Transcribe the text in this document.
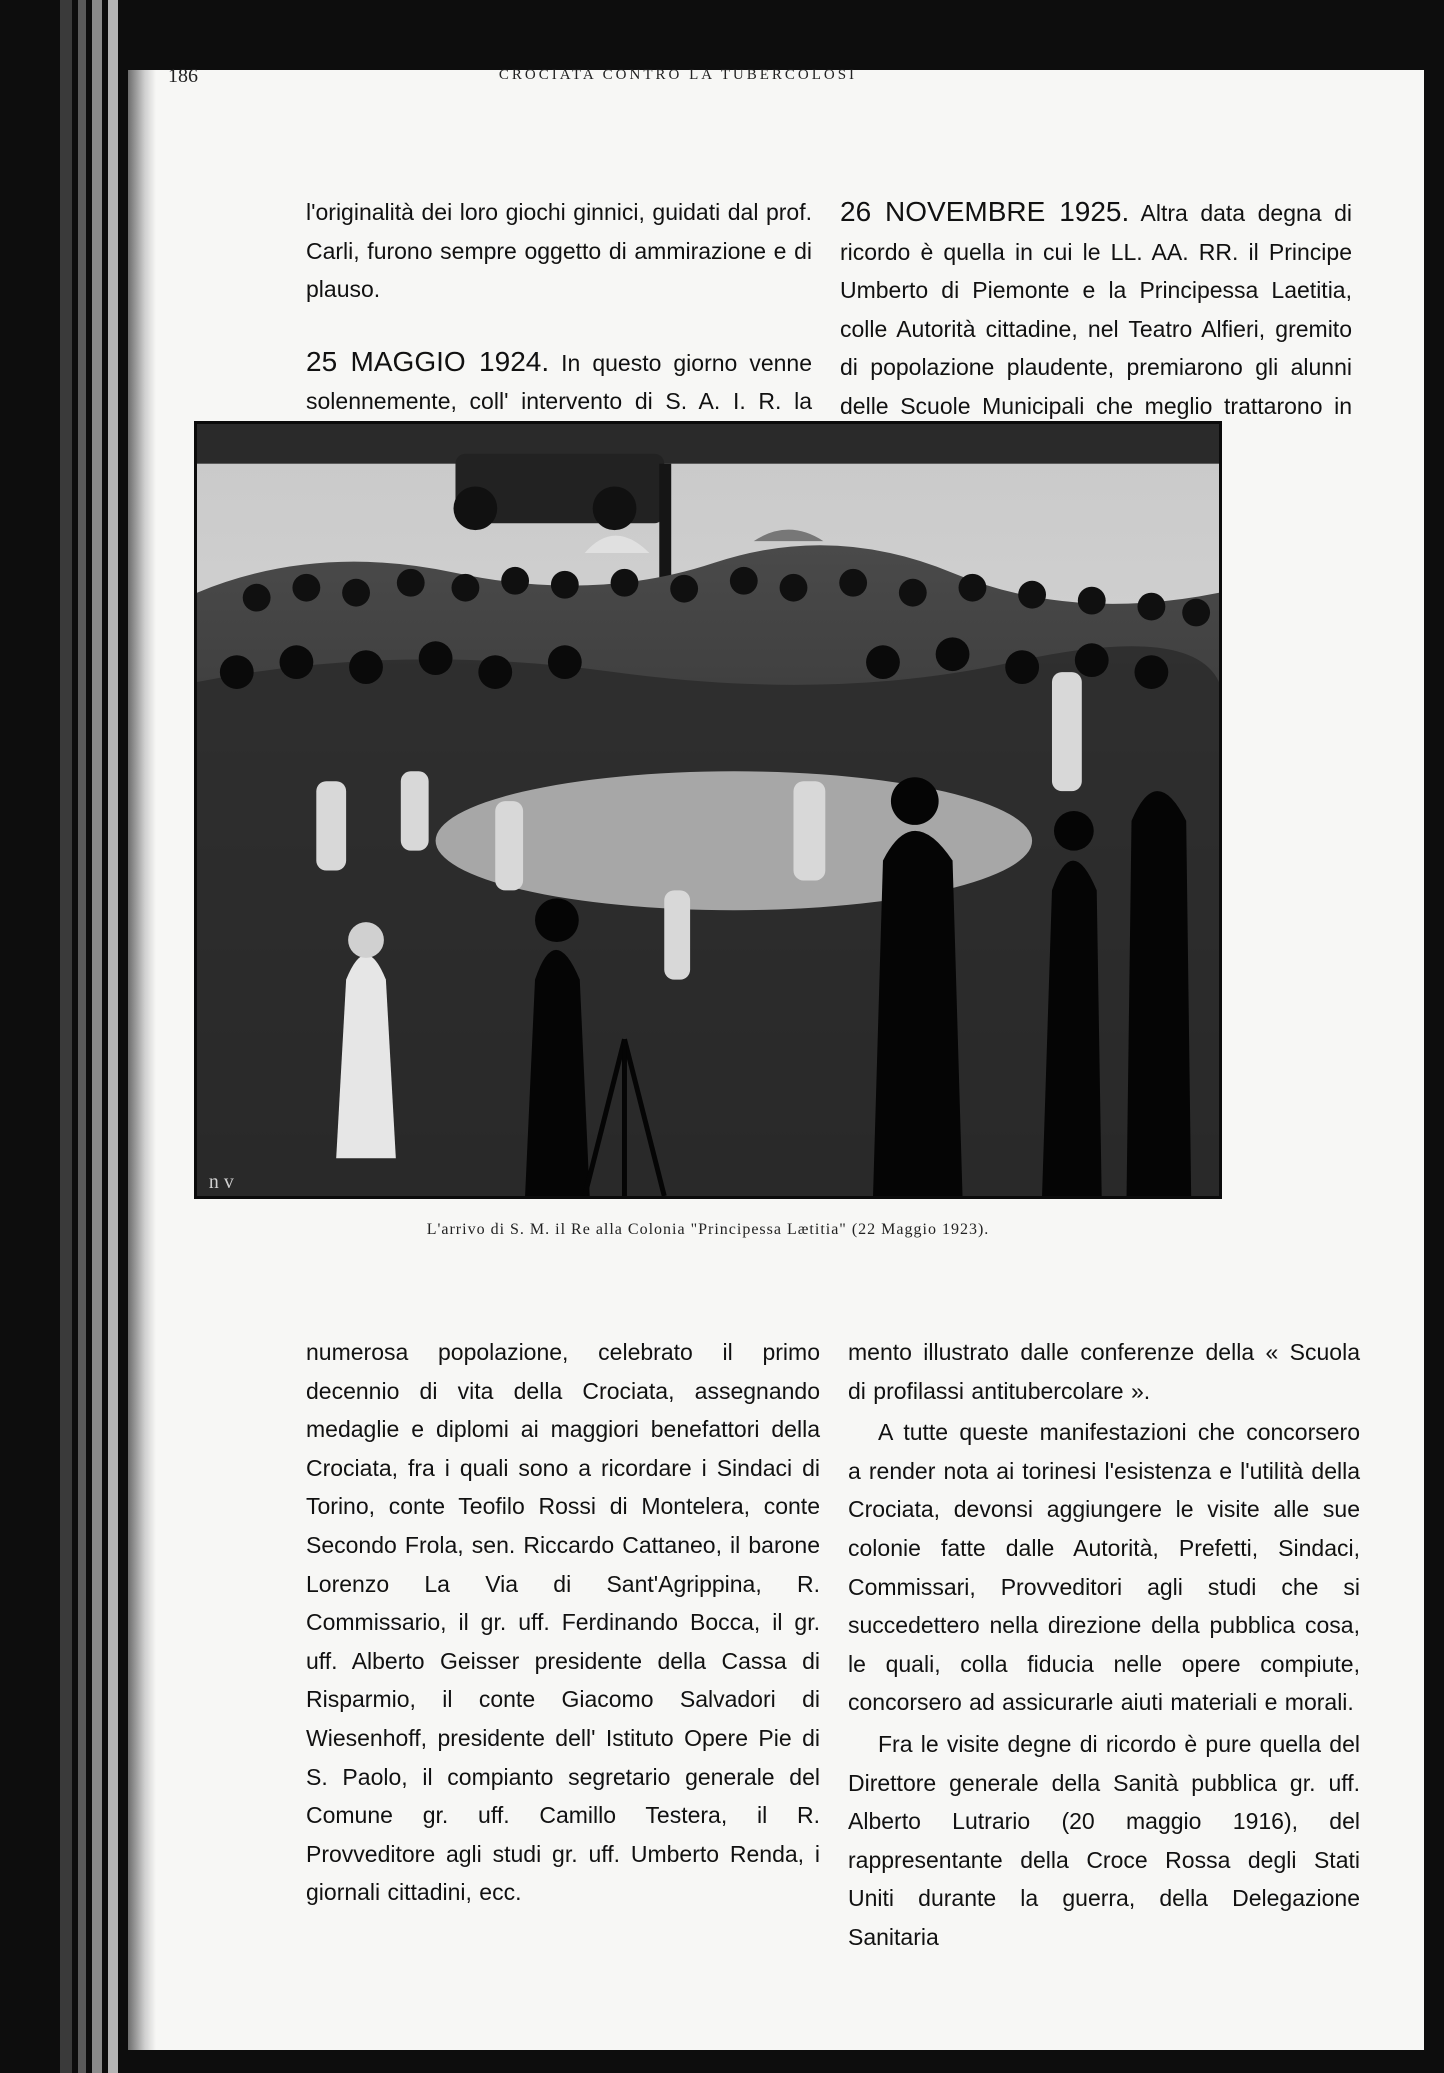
186	CROCIATA CONTRO LA TUBERCOLOSI

l'originalità dei loro giochi ginnici, guidati dal prof. Carli, furono sempre oggetto di ammirazione e di plauso.

25 MAGGIO 1924. In questo giorno venne solennemente, coll' intervento di S. A. I. R. la

26 NOVEMBRE 1925. Altra data degna di ricordo è quella in cui le LL. AA. RR. il Principe Umberto di Piemonte e la Principessa Laetitia, colle Autorità cittadine, nel Teatro Alfieri, gremito di popolazione plaudente, premiarono gli alunni delle Scuole Municipali che meglio trattarono in

n v
L'arrivo di S. M. il Re alla Colonia "Principessa Lætitia" (22 Maggio 1923).

numerosa popolazione, celebrato il primo decennio di vita della Crociata, assegnando medaglie e diplomi ai maggiori benefattori della Crociata, fra i quali sono a ricordare i Sindaci di Torino, conte Teofilo Rossi di Montelera, conte Secondo Frola, sen. Riccardo Cattaneo, il barone Lorenzo La Via di Sant'Agrippina, R. Commissario, il gr. uff. Ferdinando Bocca, il gr. uff. Alberto Geisser presidente della Cassa di Risparmio, il conte Giacomo Salvadori di Wiesenhoff, presidente dell' Istituto Opere Pie di S. Paolo, il compianto segretario generale del Comune gr. uff. Camillo Testera, il R. Provveditore agli studi gr. uff. Umberto Renda, i giornali cittadini, ecc.

mento illustrato dalle conferenze della « Scuola di profilassi antitubercolare ».

A tutte queste manifestazioni che concorsero a render nota ai torinesi l'esistenza e l'utilità della Crociata, devonsi aggiungere le visite alle sue colonie fatte dalle Autorità, Prefetti, Sindaci, Commissari, Provveditori agli studi che si succedettero nella direzione della pubblica cosa, le quali, colla fiducia nelle opere compiute, concorsero ad assicurarle aiuti materiali e morali.

Fra le visite degne di ricordo è pure quella del Direttore generale della Sanità pubblica gr. uff. Alberto Lutrario (20 maggio 1916), del rappresentante della Croce Rossa degli Stati Uniti durante la guerra, della Delegazione Sanitaria
